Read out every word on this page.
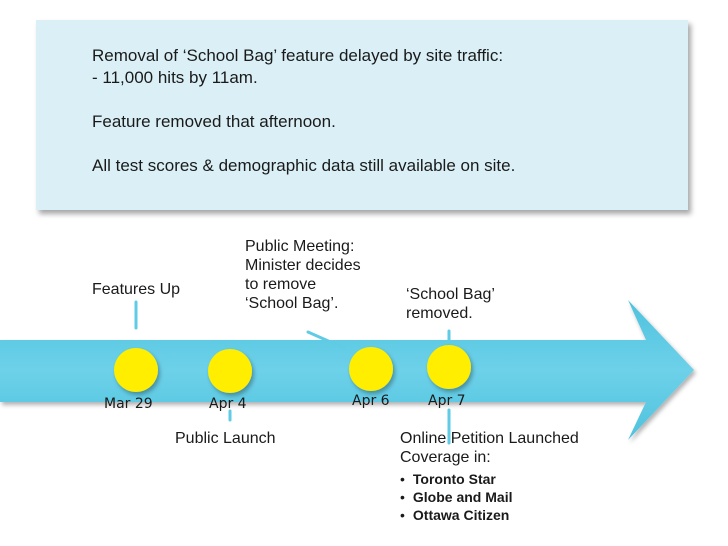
Removal of ‘School Bag’ feature delayed by site traffic:
- 11,000 hits by 11am.
Feature removed that afternoon.
All test scores & demographic data still available on site.
Mar 29	Apr 4	Apr 6	Apr 7
Features Up
Public Meeting:
Minister decides
to remove
‘School Bag’.
‘School Bag’
removed.
Public Launch	Online Petition Launched
Coverage in:
• Toronto Star
• Globe and Mail
• Ottawa Citizen
